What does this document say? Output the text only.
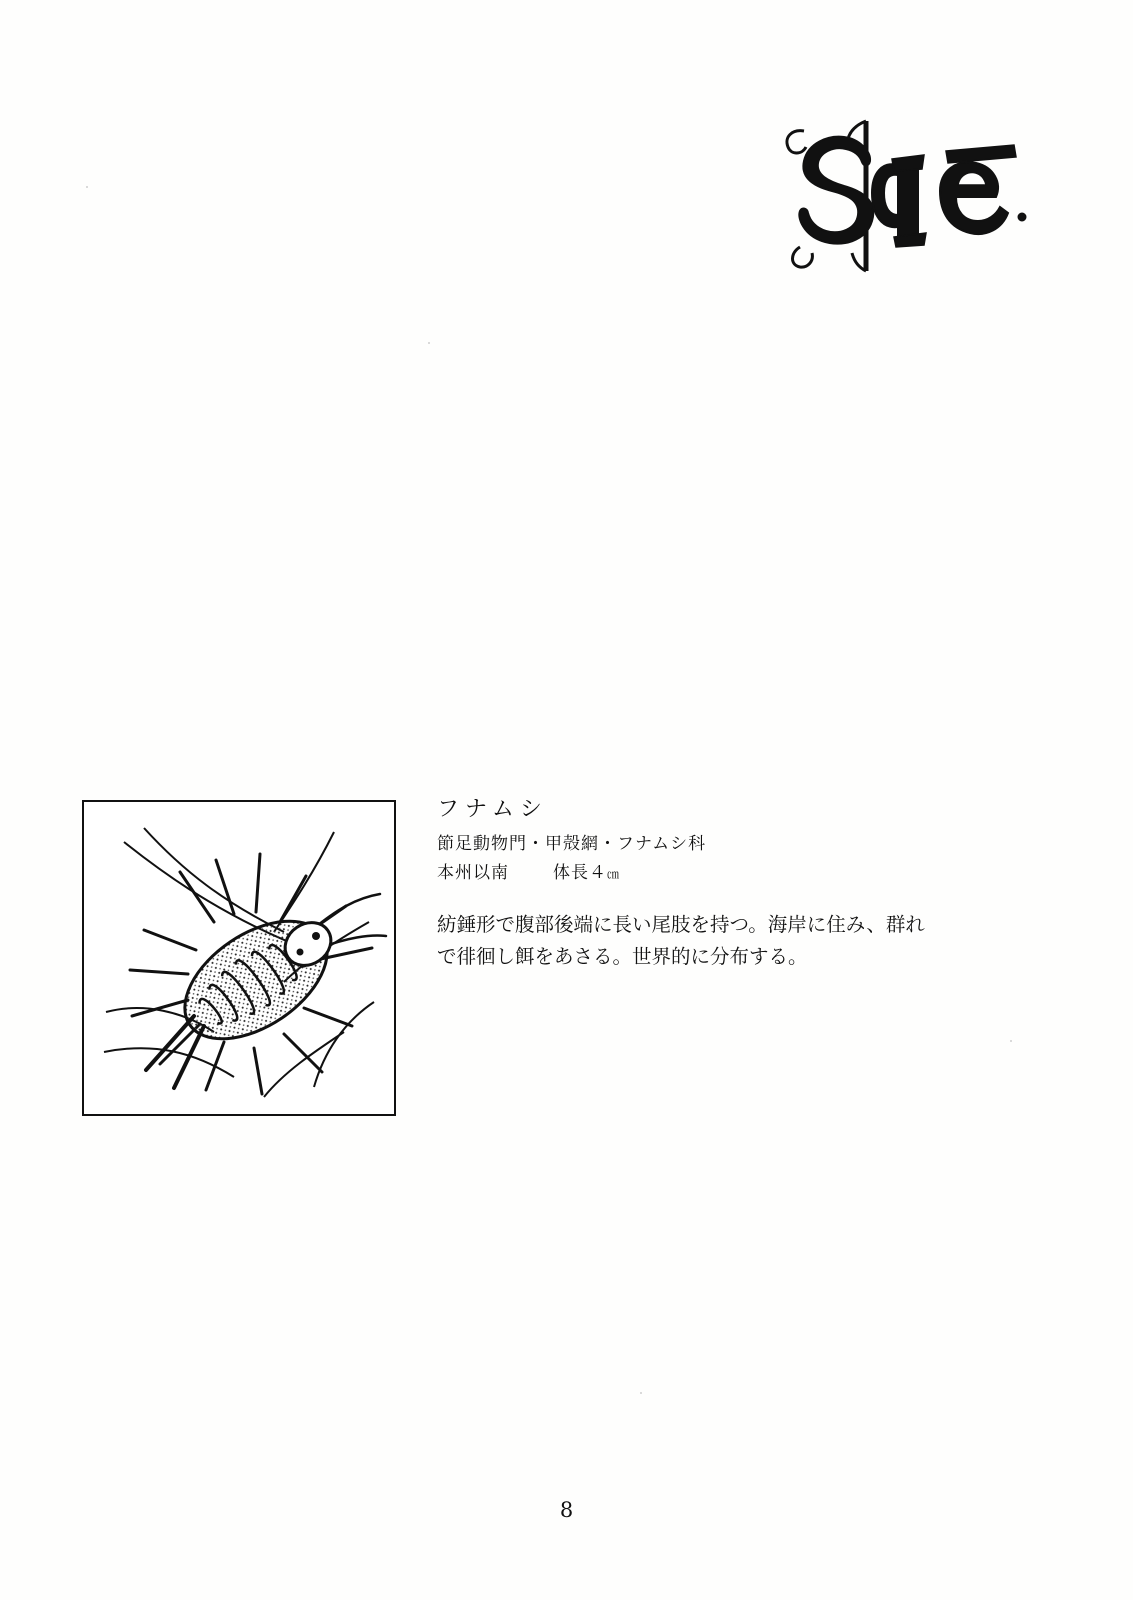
フナムシ

節足動物門・甲殻網・フナムシ科

本州以南	体長４㎝

紡錘形で腹部後端に長い尾肢を持つ。海岸に住み、群れで徘徊し餌をあさる。世界的に分布する。

8
